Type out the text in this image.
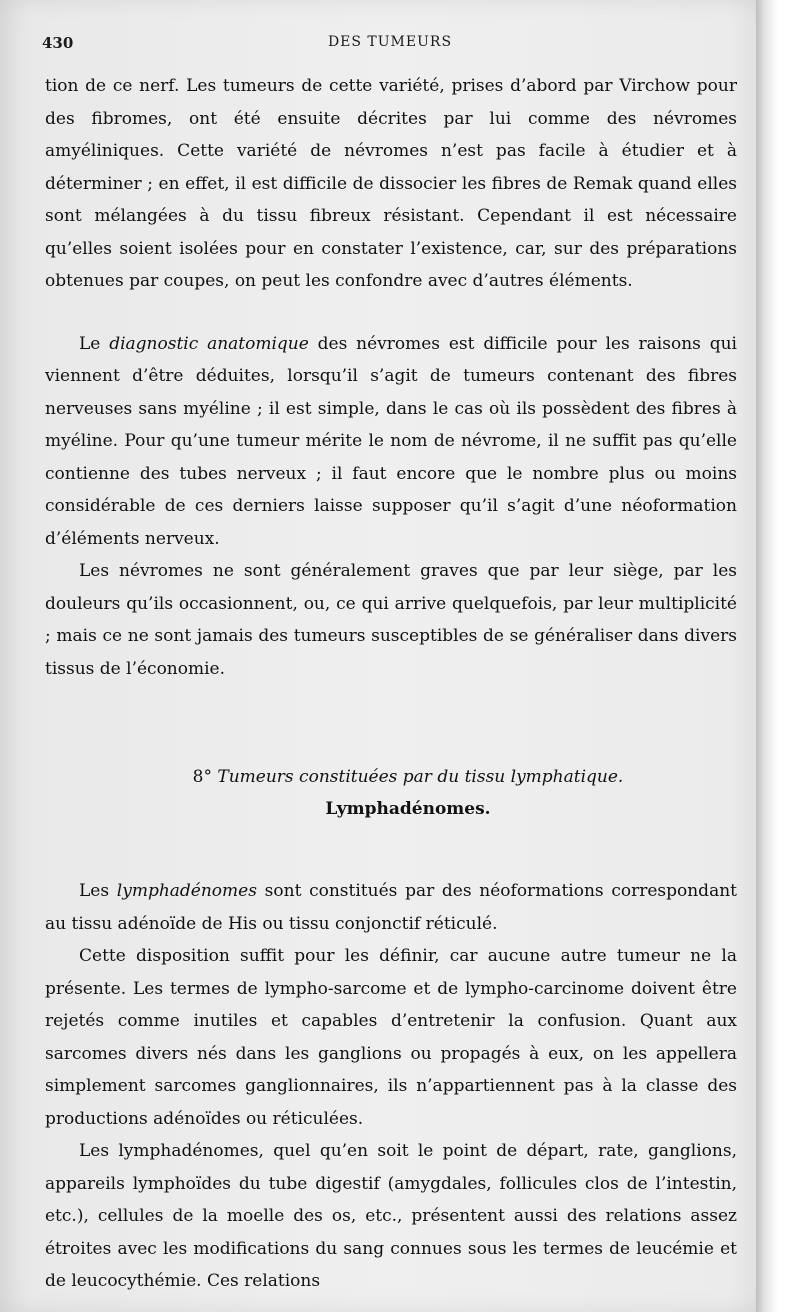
430	DES TUMEURS

tion de ce nerf. Les tumeurs de cette variété, prises d’abord par Virchow pour des fibromes, ont été ensuite décrites par lui comme des névromes amyéliniques. Cette variété de névromes n’est pas facile à étudier et à déterminer ; en effet, il est difficile de dissocier les fibres de Remak quand elles sont mélangées à du tissu fibreux résistant. Cependant il est nécessaire qu’elles soient isolées pour en constater l’existence, car, sur des préparations obtenues par coupes, on peut les confondre avec d’autres éléments.

Le diagnostic anatomique des névromes est difficile pour les raisons qui viennent d’être déduites, lorsqu’il s’agit de tumeurs contenant des fibres nerveuses sans myéline ; il est simple, dans le cas où ils possèdent des fibres à myéline. Pour qu’une tumeur mérite le nom de névrome, il ne suffit pas qu’elle contienne des tubes nerveux ; il faut encore que le nombre plus ou moins considérable de ces derniers laisse supposer qu’il s’agit d’une néoformation d’éléments nerveux.

Les névromes ne sont généralement graves que par leur siège, par les douleurs qu’ils occasionnent, ou, ce qui arrive quelquefois, par leur multiplicité ; mais ce ne sont jamais des tumeurs susceptibles de se généraliser dans divers tissus de l’économie.

8° Tumeurs constituées par du tissu lymphatique.

Lymphadénomes.

Les lymphadénomes sont constitués par des néoformations correspondant au tissu adénoïde de His ou tissu conjonctif réticulé.

Cette disposition suffit pour les définir, car aucune autre tumeur ne la présente. Les termes de lympho-sarcome et de lympho-carcinome doivent être rejetés comme inutiles et capables d’entretenir la confusion. Quant aux sarcomes divers nés dans les ganglions ou propagés à eux, on les appellera simplement sarcomes ganglionnaires, ils n’appartiennent pas à la classe des productions adénoïdes ou réticulées.

Les lymphadénomes, quel qu’en soit le point de départ, rate, ganglions, appareils lymphoïdes du tube digestif (amygdales, follicules clos de l’intestin, etc.), cellules de la moelle des os, etc., présentent aussi des relations assez étroites avec les modifications du sang connues sous les termes de leucémie et de leucocythémie. Ces relations
